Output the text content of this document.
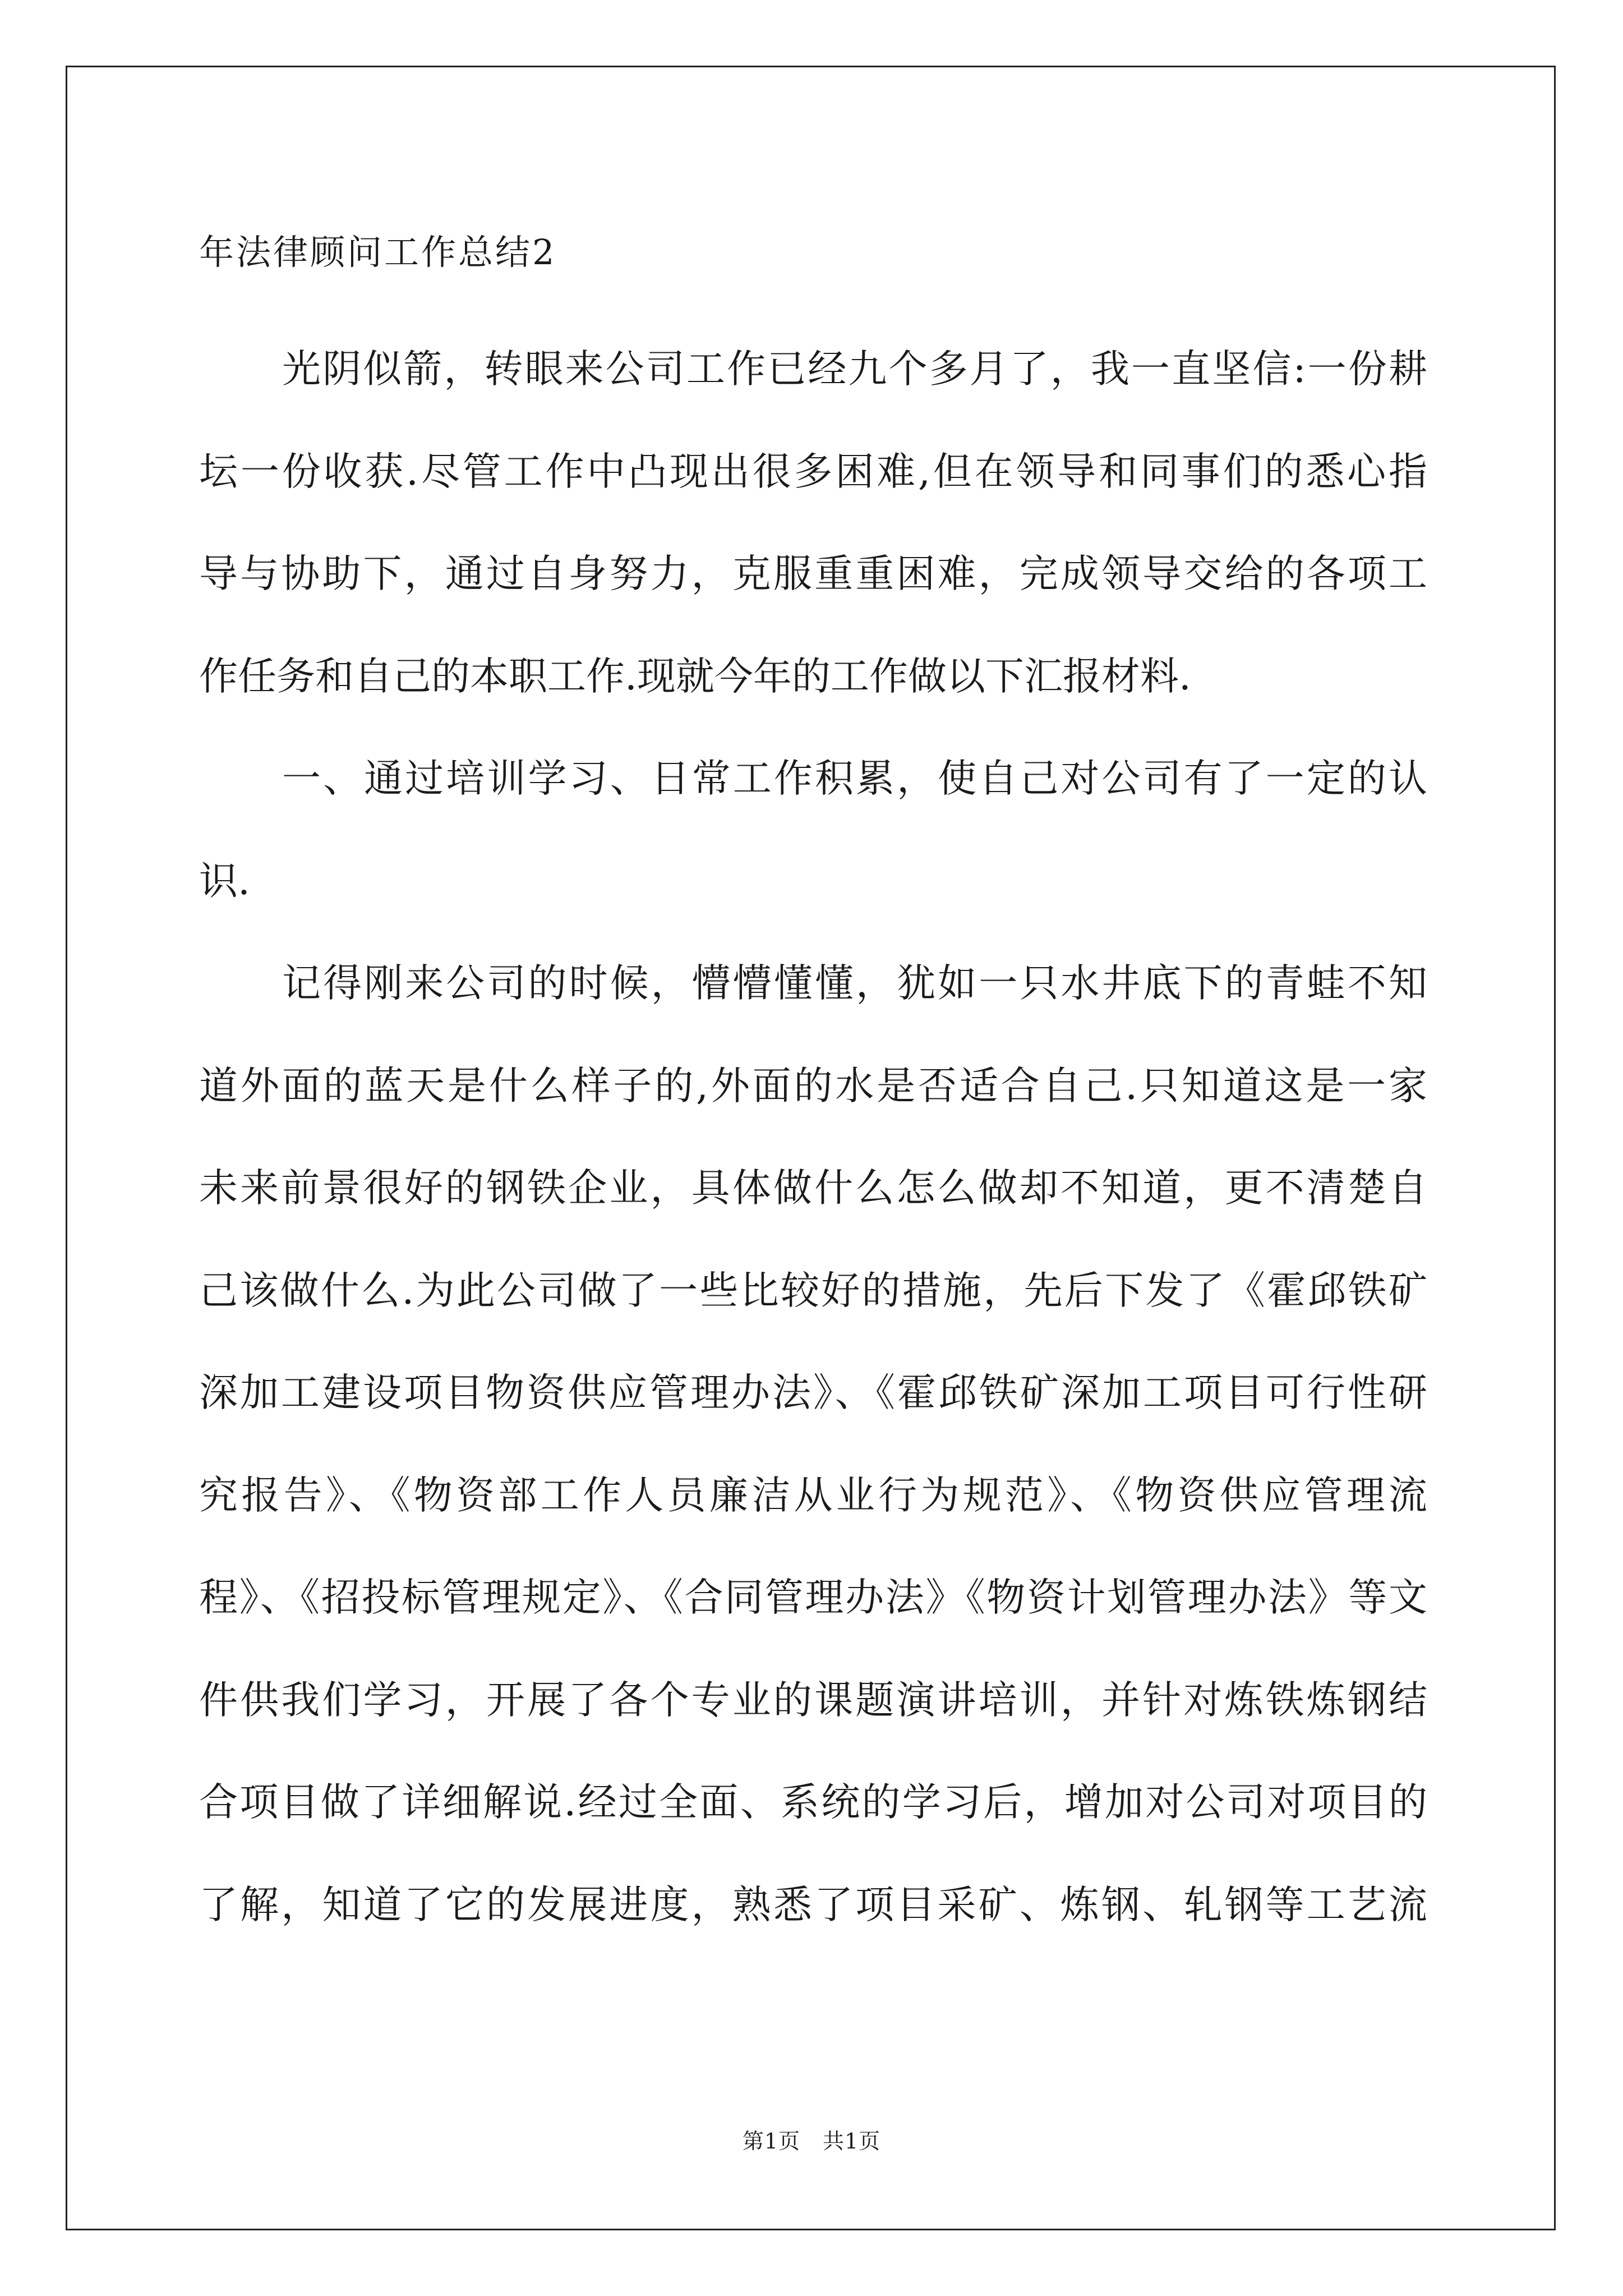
年法律顾问工作总结2

光阴似箭，转眼来公司工作已经九个多月了，我一直坚信:一份耕

坛一份收获.尽管工作中凸现出很多困难,但在领导和同事们的悉心指

导与协助下，通过自身努力，克服重重困难，完成领导交给的各项工

作任务和自己的本职工作.现就今年的工作做以下汇报材料.

一、通过培训学习、日常工作积累，使自己对公司有了一定的认

识.

记得刚来公司的时候，懵懵懂懂，犹如一只水井底下的青蛙不知

道外面的蓝天是什么样子的,外面的水是否适合自己.只知道这是一家

未来前景很好的钢铁企业，具体做什么怎么做却不知道，更不清楚自

己该做什么.为此公司做了一些比较好的措施，先后下发了《霍邱铁矿

深加工建设项目物资供应管理办法》、《霍邱铁矿深加工项目可行性研

究报告》、《物资部工作人员廉洁从业行为规范》、《物资供应管理流

程》、《招投标管理规定》、《合同管理办法》《物资计划管理办法》等文

件供我们学习，开展了各个专业的课题演讲培训，并针对炼铁炼钢结

合项目做了详细解说.经过全面、系统的学习后，增加对公司对项目的

了解，知道了它的发展进度，熟悉了项目采矿、炼钢、轧钢等工艺流

第1页 共1页
